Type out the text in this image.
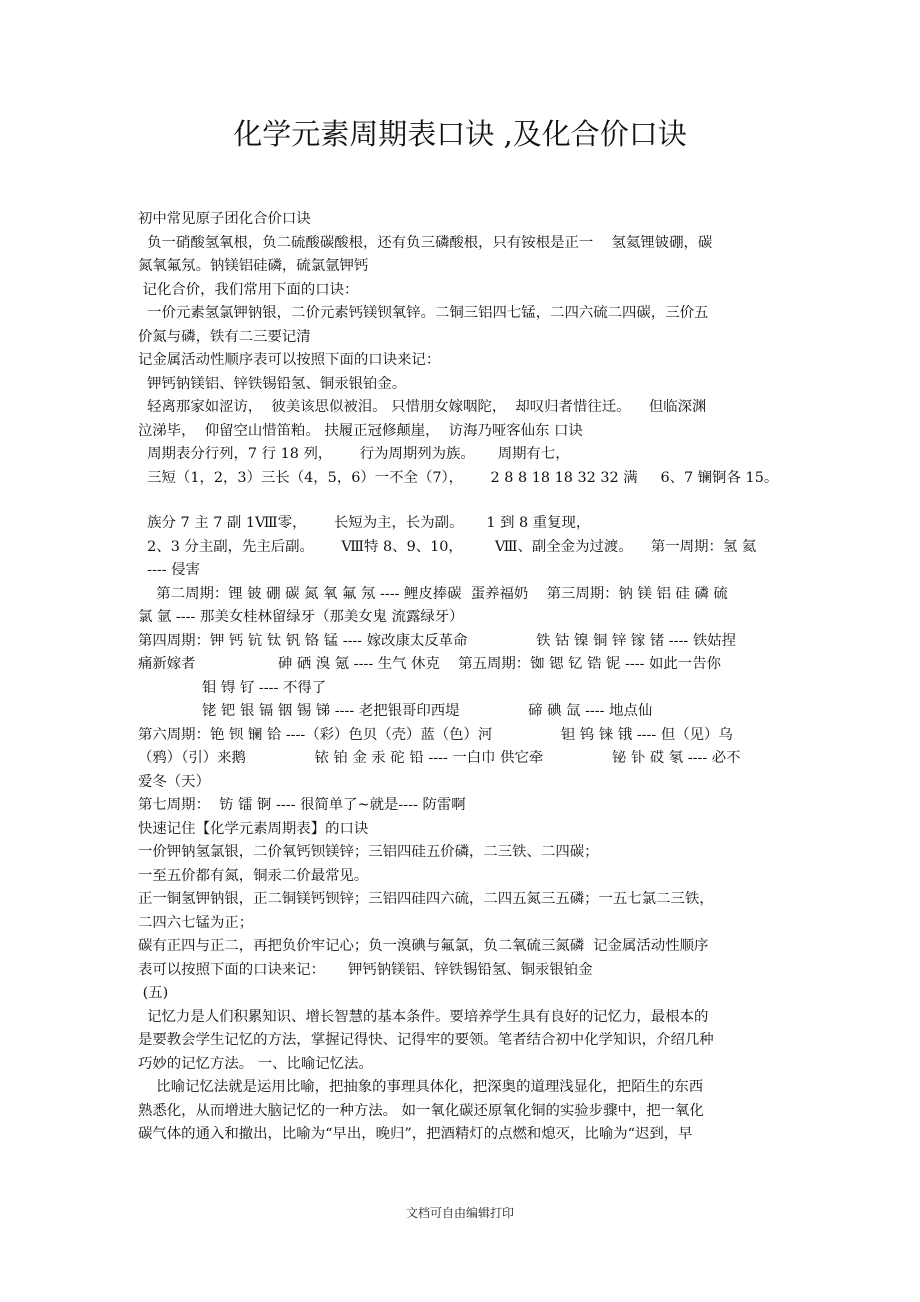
化学元素周期表口诀 ,及化合价口诀
初中常见原子团化合价口诀
负一硝酸氢氧根，负二硫酸碳酸根，还有负三磷酸根，只有铵根是正一    氢氦锂铍硼，碳
氮氧氟氖。钠镁铝硅磷，硫氯氩钾钙
记化合价，我们常用下面的口诀：
一价元素氢氯钾钠银，二价元素钙镁钡氧锌。二铜三铝四七锰，二四六硫二四碳，三价五
价氮与磷，铁有二三要记清
记金属活动性顺序表可以按照下面的口诀来记：
钾钙钠镁铝、锌铁锡铅氢、铜汞银铂金。
轻离那家如涩访，  彼美该思似被泪。 只惜朋女嫁咽陀，  却叹归者惜往迁。    但临深渊
泣涕毕，  仰留空山惜笛粕。 扶履正冠修颠崖，  访海乃哑客仙东 口诀
周期表分行列，7 行 18 列，      行为周期列为族。     周期有七，
三短（1，2，3）三长（4，5，6）一不全（7），      2 8 8 18 18 32 32 满     6、7 镧锕各 15。
族分 7 主 7 副 1Ⅷ零，      长短为主，长为副。     1 到 8 重复现，
2、3 分主副，先主后副。      Ⅷ特 8、9、10，       Ⅷ、副全金为过渡。    第一周期：氢 氦
---- 侵害
第二周期：锂 铍 硼 碳 氮 氧 氟 氖 ---- 鲤皮捧碳  蛋养福奶    第三周期：钠 镁 铝 硅 磷 硫
氯 氩 ---- 那美女桂林留绿牙（那美女鬼 流露绿牙）
第四周期：钾 钙 钪 钛 钒 铬 锰 ---- 嫁改康太反革命               铁 钴 镍 铜 锌 镓 锗 ---- 铁姑捏
痛新嫁者                  砷 硒 溴 氪 ---- 生气 休克    第五周期：铷 锶 钇 锆 铌 ---- 如此一告你
钼 锝 钌 ---- 不得了
铑 钯 银 镉 铟 锡 锑 ---- 老把银哥印西堤               碲 碘 氙 ---- 地点仙
第六周期：铯 钡 镧 铪 ----（彩）色贝（壳）蓝（色）河               钽 钨 铼 锇 ---- 但（见）乌
（鸦）（引）来鹅               铱 铂 金 汞 砣 铅 ---- 一白巾 供它牵               铋 钋 砹 氡 ---- 必不
爱冬（天）
第七周期：  钫 镭 锕 ---- 很简单了~就是---- 防雷啊
快速记住【化学元素周期表】的口诀
一价钾钠氢氯银，二价氧钙钡镁锌；三铝四硅五价磷，二三铁、二四碳；
一至五价都有氮，铜汞二价最常见。
正一铜氢钾钠银，正二铜镁钙钡锌；三铝四硅四六硫，二四五氮三五磷；一五七氯二三铁，
二四六七锰为正；
碳有正四与正二，再把负价牢记心；负一溴碘与氟氯，负二氧硫三氮磷  记金属活动性顺序
表可以按照下面的口诀来记：     钾钙钠镁铝、锌铁锡铅氢、铜汞银铂金
(五)
记忆力是人们积累知识、增长智慧的基本条件。要培养学生具有良好的记忆力，最根本的
是要教会学生记忆的方法，掌握记得快、记得牢的要领。笔者结合初中化学知识，介绍几种
巧妙的记忆方法。 一、比喻记忆法。
比喻记忆法就是运用比喻，把抽象的事理具体化，把深奥的道理浅显化，把陌生的东西
熟悉化，从而增进大脑记忆的一种方法。 如一氧化碳还原氧化铜的实验步骤中，把一氧化
碳气体的通入和撤出，比喻为“早出，晚归”，把酒精灯的点燃和熄灭，比喻为“迟到，早
文档可自由编辑打印
